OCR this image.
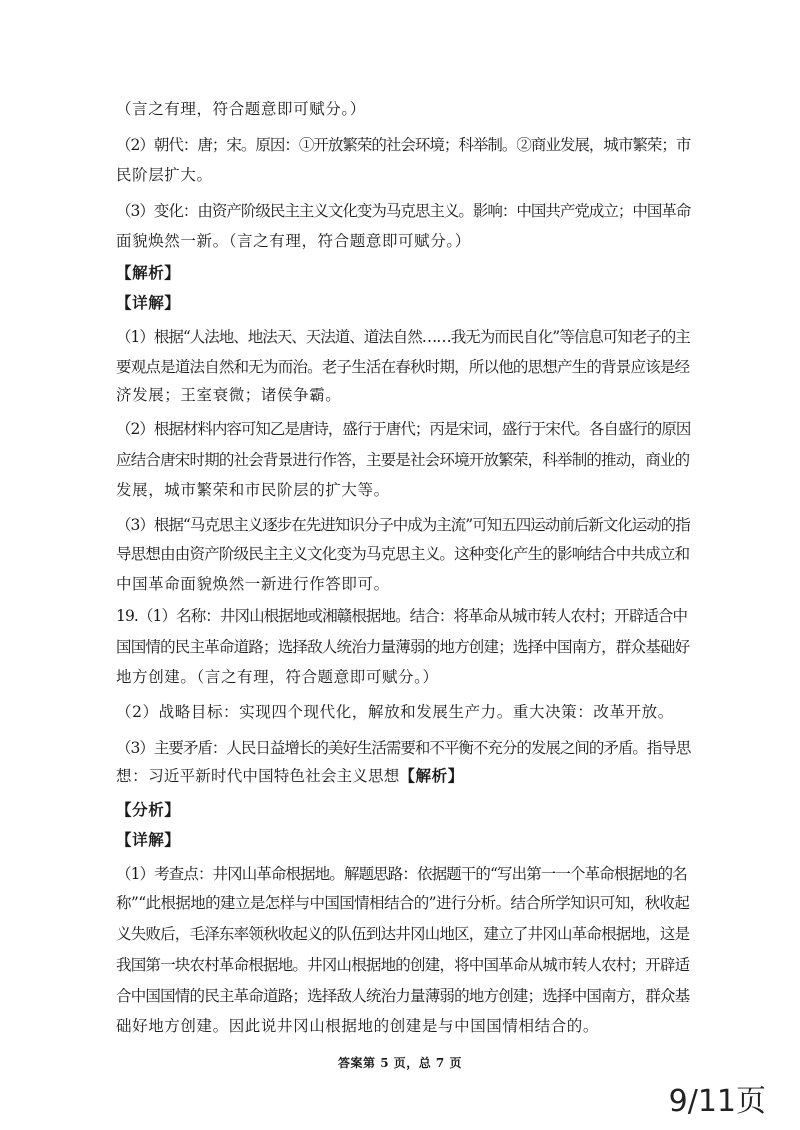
（言之有理，符合题意即可赋分。）
（2）朝代：唐；宋。原因：①开放繁荣的社会环境；科举制。②商业发展，城市繁荣；市
民阶层扩大。
（3）变化：由资产阶级民主主义文化变为马克思主义。影响：中国共产党成立；中国革命
面貌焕然一新。（言之有理，符合题意即可赋分。）
【解析】
【详解】
（1）根据“人法地、地法天、天法道、道法自然……我无为而民自化”等信息可知老子的主
要观点是道法自然和无为而治。老子生活在春秋时期，所以他的思想产生的背景应该是经
济发展；王室衰微；诸侯争霸。
（2）根据材料内容可知乙是唐诗，盛行于唐代；丙是宋词，盛行于宋代。各自盛行的原因
应结合唐宋时期的社会背景进行作答，主要是社会环境开放繁荣，科举制的推动，商业的
发展，城市繁荣和市民阶层的扩大等。
（3）根据“马克思主义逐步在先进知识分子中成为主流”可知五四运动前后新文化运动的指
导思想由由资产阶级民主主义文化变为马克思主义。这种变化产生的影响结合中共成立和
中国革命面貌焕然一新进行作答即可。
19.（1）名称：井冈山根据地或湘赣根据地。结合：将革命从城市转人农村；开辟适合中
国国情的民主革命道路；选择敌人统治力量薄弱的地方创建；选择中国南方，群众基础好
地方创建。（言之有理，符合题意即可赋分。）
（2）战略目标：实现四个现代化，解放和发展生产力。重大决策：改革开放。
（3）主要矛盾：人民日益增长的美好生活需要和不平衡不充分的发展之间的矛盾。指导思
想：习近平新时代中国特色社会主义思想【解析】
【分析】
【详解】
（1）考查点：井冈山革命根据地。解题思路：依据题干的“写出第一一个革命根据地的名
称”“此根据地的建立是怎样与中国国情相结合的”进行分析。结合所学知识可知，秋收起
义失败后，毛泽东率领秋收起义的队伍到达井冈山地区，建立了井冈山革命根据地，这是
我国第一块农村革命根据地。井冈山根据地的创建，将中国革命从城市转人农村；开辟适
合中国国情的民主革命道路；选择敌人统治力量薄弱的地方创建；选择中国南方，群众基
础好地方创建。因此说井冈山根据地的创建是与中国国情相结合的。
答案第 5 页，总 7 页
9/11页
